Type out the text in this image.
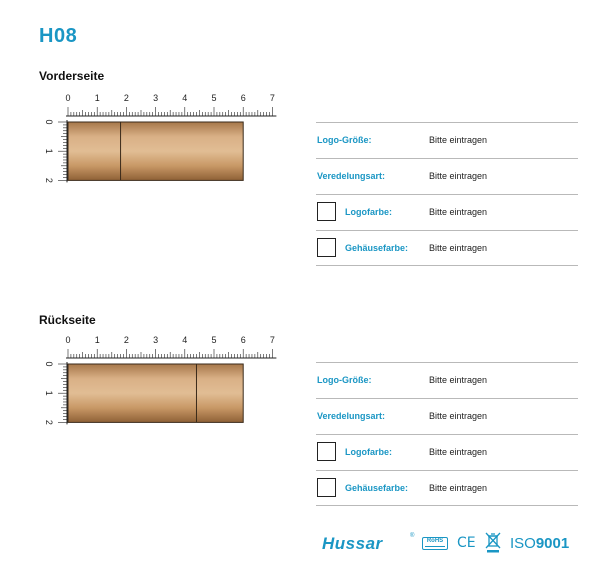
H08
Vorderseite
0	1	2	3	4	5	6	7
0
1
2
Logo-Größe:	Bitte eintragen
Veredelungsart:	Bitte eintragen
Logofarbe:	Bitte eintragen
Gehäusefarbe: Bitte eintragen
Rückseite
0	1	2	3	4	5	6	7
0
1
2
Logo-Größe:	Bitte eintragen
Veredelungsart:	Bitte eintragen
Logofarbe:	Bitte eintragen
Gehäusefarbe: Bitte eintragen
Hussar	®
RoHS CE ISO9001
